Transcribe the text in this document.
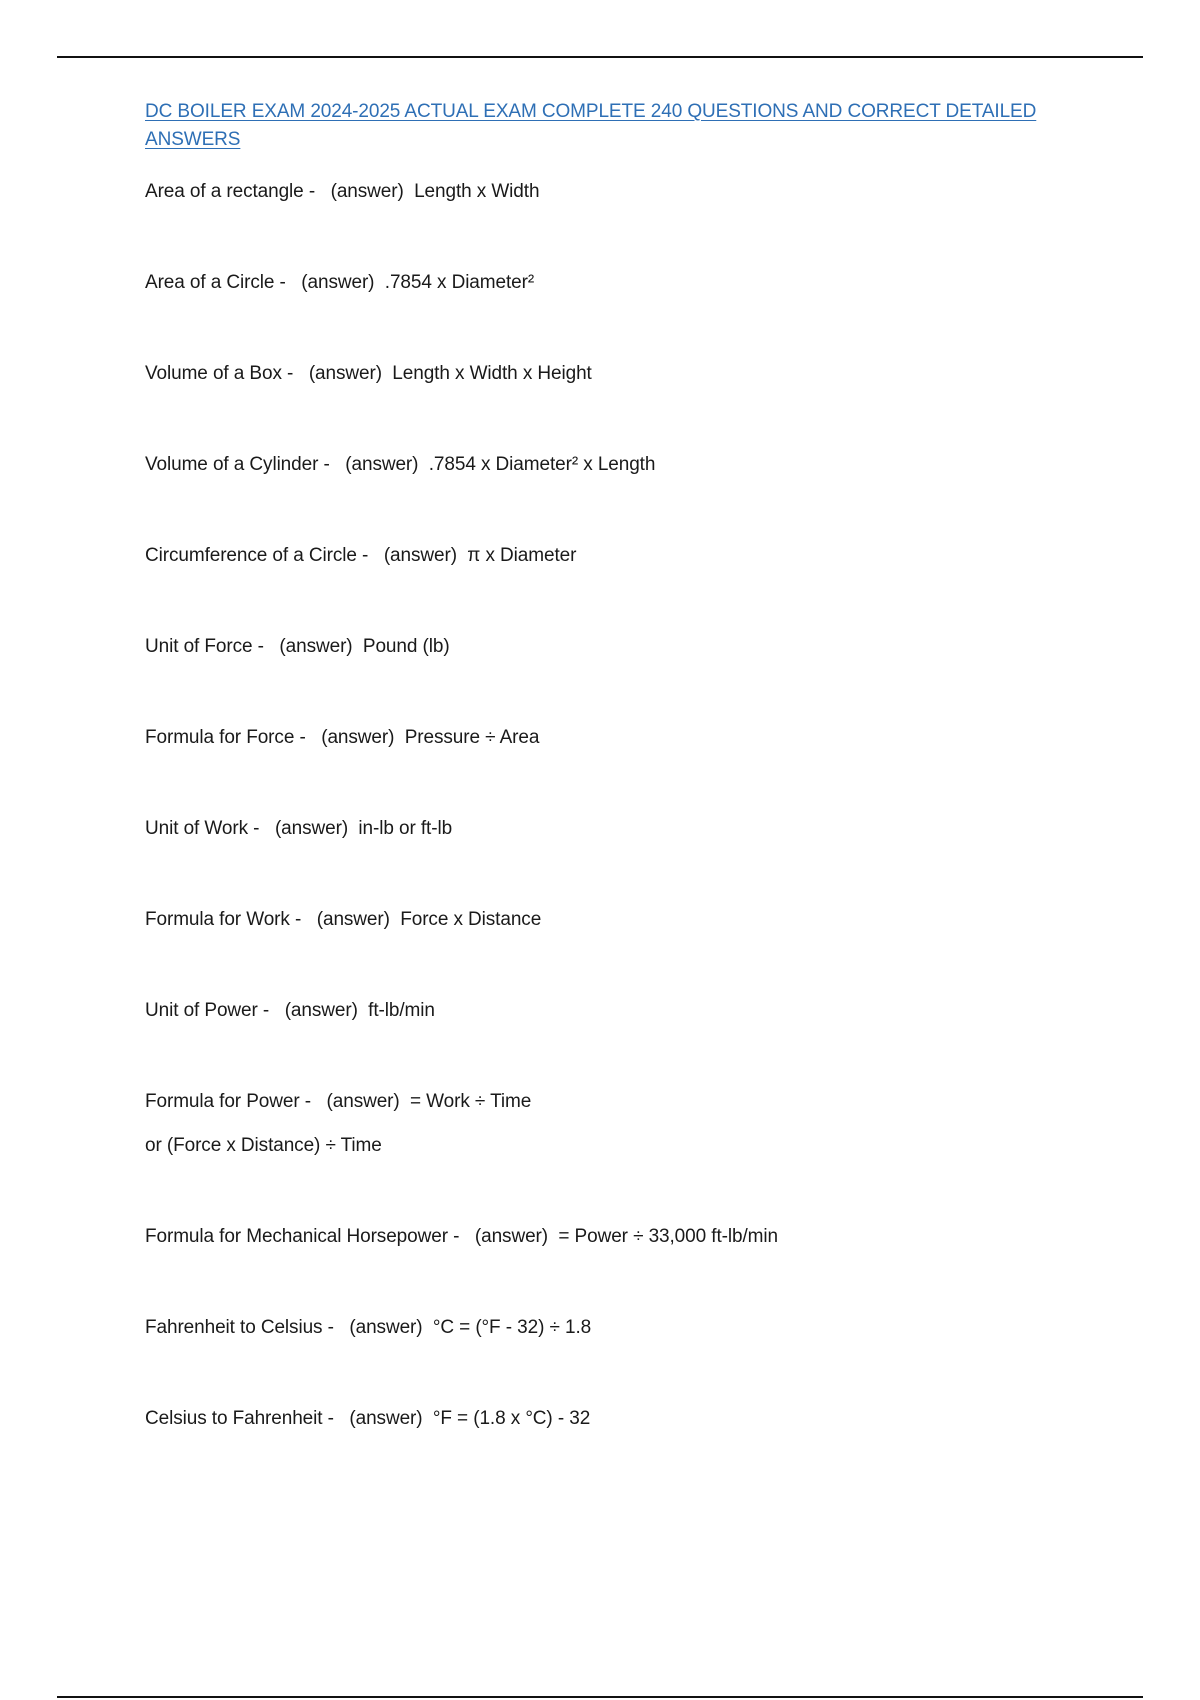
DC BOILER EXAM 2024-2025 ACTUAL EXAM COMPLETE 240 QUESTIONS AND CORRECT DETAILED ANSWERS
Area of a rectangle - (answer) Length x Width
Area of a Circle - (answer) .7854 x Diameter²
Volume of a Box - (answer) Length x Width x Height
Volume of a Cylinder - (answer) .7854 x Diameter² x Length
Circumference of a Circle - (answer) π x Diameter
Unit of Force - (answer) Pound (lb)
Formula for Force - (answer) Pressure ÷ Area
Unit of Work - (answer) in-lb or ft-lb
Formula for Work - (answer) Force x Distance
Unit of Power - (answer) ft-lb/min
Formula for Power - (answer) = Work ÷ Time
or (Force x Distance) ÷ Time
Formula for Mechanical Horsepower - (answer) = Power ÷ 33,000 ft-lb/min
Fahrenheit to Celsius - (answer) °C = (°F - 32) ÷ 1.8
Celsius to Fahrenheit - (answer) °F = (1.8 x °C) - 32
